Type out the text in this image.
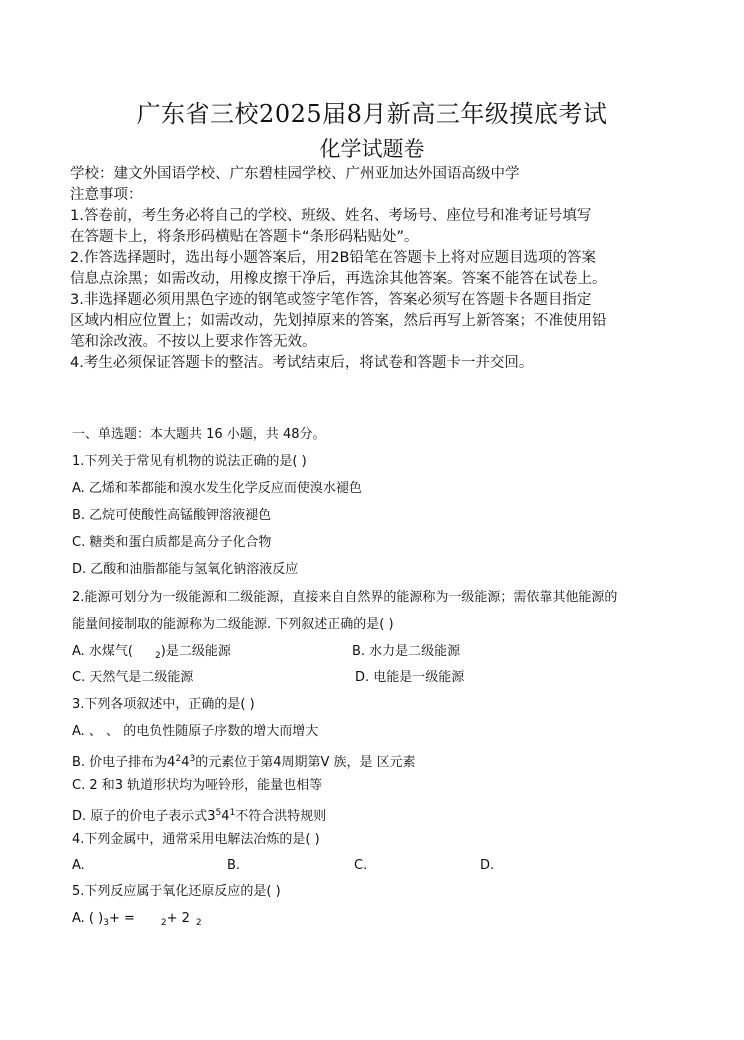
广东省三校2025届8月新高三年级摸底考试
化学试题卷
学校：建文外国语学校、广东碧桂园学校、广州亚加达外国语高级中学
注意事项：
1.答卷前，考生务必将自己的学校、班级、姓名、考场号、座位号和准考证号填写
在答题卡上，将条形码横贴在答题卡“条形码粘贴处”。
2.作答选择题时，选出每小题答案后，用2B铅笔在答题卡上将对应题目选项的答案
信息点涂黑；如需改动，用橡皮擦干净后，再选涂其他答案。答案不能答在试卷上。
3.非选择题必须用黑色字迹的钢笔或签字笔作答，答案必须写在答题卡各题目指定
区域内相应位置上；如需改动，先划掉原来的答案，然后再写上新答案；不准使用铅
笔和涂改液。不按以上要求作答无效。
4.考生必须保证答题卡的整洁。考试结束后，将试卷和答题卡一并交回。
一、单选题：本大题共 16 小题，共 48分。
1.下列关于常见有机物的说法正确的是( )
A. 乙烯和苯都能和溴水发生化学反应而使溴水褪色
B. 乙烷可使酸性高锰酸钾溶液褪色
C. 糖类和蛋白质都是高分子化合物
D. 乙酸和油脂都能与氢氧化钠溶液反应
2.能源可划分为一级能源和二级能源，直接来自自然界的能源称为一级能源；需依靠其他能源的
能量间接制取的能源称为二级能源. 下列叙述正确的是( )
A. 水煤气( $_2$)是二级能源	B. 水力是二级能源
C. 天然气是二级能源	D. 电能是一级能源
3.下列各项叙述中，正确的是( )
A. 、 、 的电负性随原子序数的增大而增大
B. 价电子排布为$4^24^3$的元素位于第4周期第V 族，是 区元素
C. 2 和3 轨道形状均为哑铃形，能量也相等
D. 原子的价电子表示式$3^54^1$不符合洪特规则
4.下列金属中，通常采用电解法冶炼的是( )
A.	B.	C.	D.
5.下列反应属于氧化还原反应的是( )
A. ( )$_3+$ =	$_2$+ 2 $_2$
